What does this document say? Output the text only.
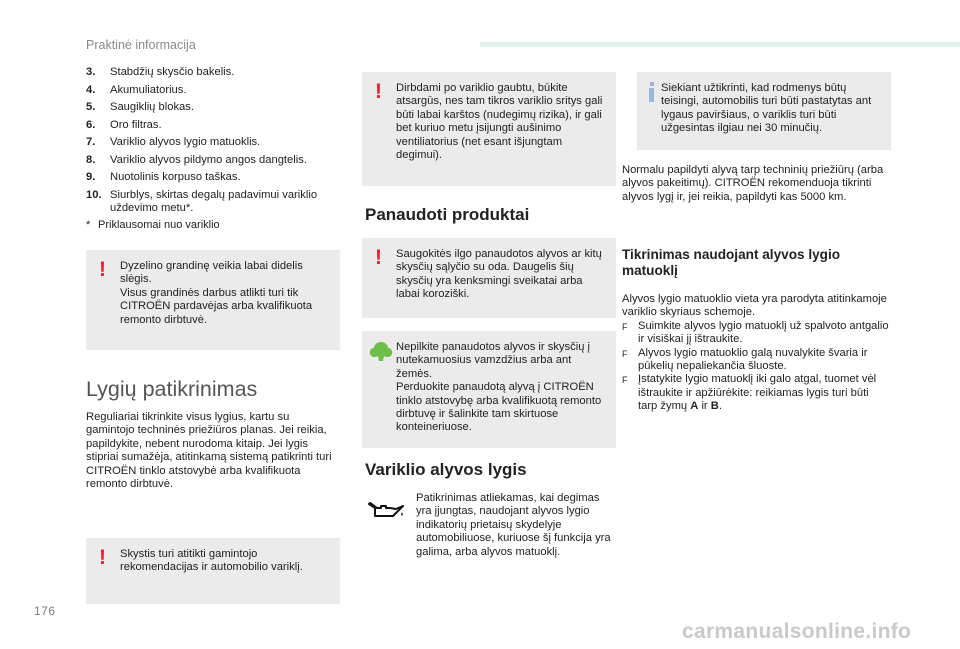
Praktinė informacija
3.	Stabdžių skysčio bakelis.
4.	Akumuliatorius.
5.	Saugiklių blokas.
6.	Oro filtras.
7.	Variklio alyvos lygio matuoklis.
8.	Variklio alyvos pildymo angos dangtelis.
9.	Nuotolinis korpuso taškas.
10. Siurblys, skirtas degalų padavimui variklio uždevimo metu*.
* Priklausomai nuo variklio
! Dyzelino grandinę veikia labai didelis slėgis.

Visus grandinės darbus atlikti turi tik CITROËN pardavėjas arba kvalifikuota remonto dirbtuvė.

Lygių patikrinimas
Reguliariai tikrinkite visus lygius, kartu su gamintojo techninės priežiūros planas. Jei reikia, papildykite, nebent nurodoma kitaip. Jei lygis stipriai sumažėja, atitinkamą sistemą patikrinti turi CITROËN tinklo atstovybė arba kvalifikuota remonto dirbtuvė.
! Skystis turi atitikti gamintojo rekomendacijas ir automobilio variklį.

! Dirbdami po variklio gaubtu, būkite atsargūs, nes tam tikros variklio sritys gali būti labai karštos (nudegimų rizika), ir gali bet kuriuo metu įsijungti aušinimo ventiliatorius (net esant išjungtam degimui).

Panaudoti produktai
! Saugokitės ilgo panaudotos alyvos ar kitų skysčių sąlyčio su oda. Daugelis šių skysčių yra kenksmingi sveikatai arba labai koroziški.

Nepilkite panaudotos alyvos ir skysčių į nutekamuosius vamzdžius arba ant žemės.

Perduokite panaudotą alyvą į CITROËN tinklo atstovybę arba kvalifikuotą remonto dirbtuvę ir šalinkite tam skirtuose konteineriuose.

Variklio alyvos lygis
Patikrinimas atliekamas, kai degimas yra įjungtas, naudojant alyvos lygio indikatorių prietaisų skydelyje automobiliuose, kuriuose šį funkcija yra galima, arba alyvos matuoklį.

Siekiant užtikrinti, kad rodmenys būtų teisingi, automobilis turi būti pastatytas ant lygaus paviršiaus, o variklis turi būti užgesintas ilgiau nei 30 minučių.

Normalu papildyti alyvą tarp techninių priežiūrų (arba alyvos pakeitimų). CITROËN rekomenduoja tikrinti alyvos lygį ir, jei reikia, papildyti kas 5000 km.
Tikrinimas naudojant alyvos lygio matuoklį

Alyvos lygio matuoklio vieta yra parodyta atitinkamoje variklio skyriaus schemoje.

F Suimkite alyvos lygio matuoklį už spalvoto antgalio ir visiškai jį ištraukite.
F Alyvos lygio matuoklio galą nuvalykite švaria ir pūkelių nepaliekančia šluoste.
F Įstatykite lygio matuoklį iki galo atgal, tuomet vėl ištraukite ir apžiūrėkite: reikiamas lygis turi būti tarp žymų A ir B.
176
carmanualsonline.info
